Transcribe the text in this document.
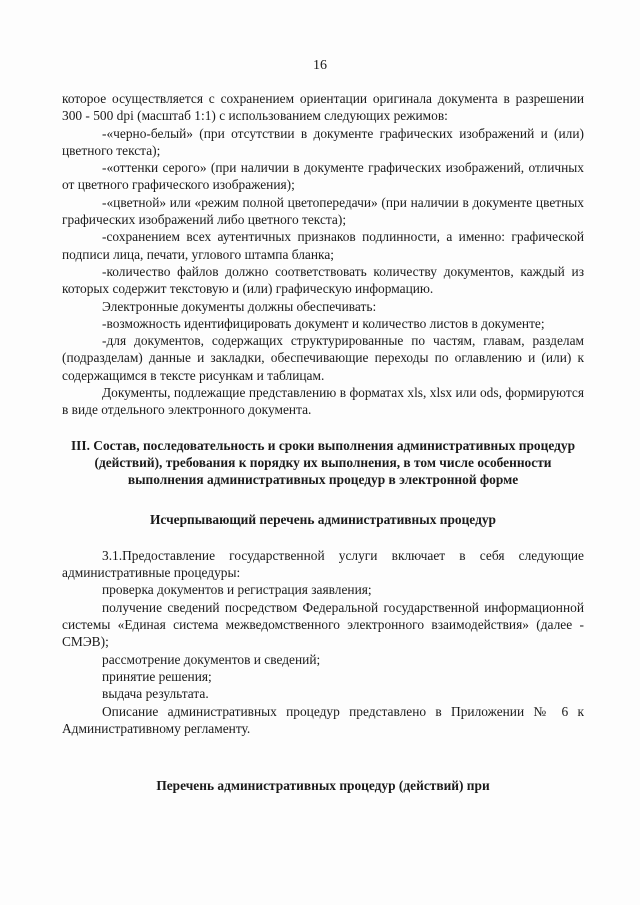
16

которое осуществляется с сохранением ориентации оригинала документа в разрешении 300 - 500 dpi (масштаб 1:1) с использованием следующих режимов:

-«черно-белый» (при отсутствии в документе графических изображений и (или) цветного текста);

-«оттенки серого» (при наличии в документе графических изображений, отличных от цветного графического изображения);

-«цветной» или «режим полной цветопередачи» (при наличии в документе цветных графических изображений либо цветного текста);

-сохранением всех аутентичных признаков подлинности, а именно: графической подписи лица, печати, углового штампа бланка;

-количество файлов должно соответствовать количеству документов, каждый из которых содержит текстовую и (или) графическую информацию.

Электронные документы должны обеспечивать:

-возможность идентифицировать документ и количество листов в документе;

-для документов, содержащих структурированные по частям, главам, разделам (подразделам) данные и закладки, обеспечивающие переходы по оглавлению и (или) к содержащимся в тексте рисункам и таблицам.

Документы, подлежащие представлению в форматах xls, xlsx или ods, формируются в виде отдельного электронного документа.

III. Состав, последовательность и сроки выполнения административных процедур (действий), требования к порядку их выполнения, в том числе особенности выполнения административных процедур в электронной форме

Исчерпывающий перечень административных процедур

3.1.Предоставление государственной услуги включает в себя следующие административные процедуры:

проверка документов и регистрация заявления;

получение сведений посредством Федеральной государственной информационной системы «Единая система межведомственного электронного взаимодействия» (далее - СМЭВ);

рассмотрение документов и сведений;

принятие решения;

выдача результата.

Описание административных процедур представлено в Приложении № 6 к Административному регламенту.

Перечень административных процедур (действий) при
